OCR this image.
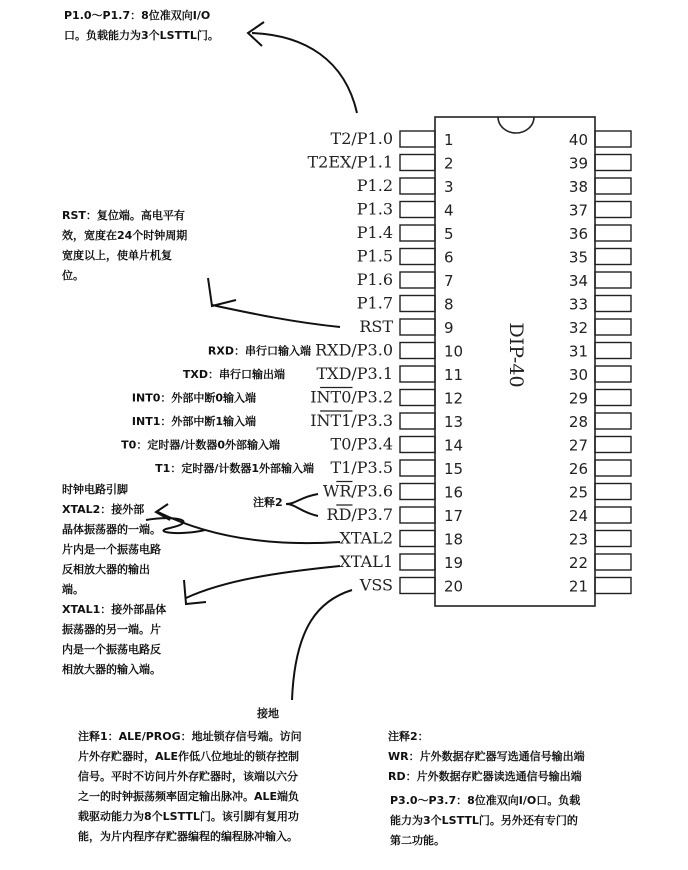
P1.0～P1.7：8位准双向I/O
口。负载能力为3个LSTTL门。
RST：复位端。高电平有
效，宽度在24个时钟周期
宽度以上，使单片机复
位。
时钟电路引脚
XTAL2：接外部
晶体振荡器的一端。
片内是一个振荡电路
反相放大器的输出
端。
XTAL1：接外部晶体
振荡器的另一端。片
内是一个振荡电路反
相放大器的输入端。
注释1：ALE/PROG：地址锁存信号端。访问
片外存贮器时，ALE作低八位地址的锁存控制
信号。平时不访问片外存贮器时，该端以六分
之一的时钟振荡频率固定输出脉冲。ALE端负
载驱动能力为8个LSTTL门。该引脚有复用功
能，为片内程序存贮器编程的编程脉冲输入。
注释2：
WR：片外数据存贮器写选通信号输出端
RD：片外数据存贮器读选通信号输出端
P3.0～P3.7：8位准双向I/O口。负载
能力为3个LSTTL门。另外还有专门的
第二功能。
DIP-40
T2/P1.0	1
T2EX/P1.1	2
P1.2	3
P1.3	4
P1.4	5
P1.5	6
P1.6	7
P1.7	8
RST	9
RXD/P3.0	10
TXD/P3.1	11
INT0/P3.2	12
INT1/P3.3	13
T0/P3.4	14
T1/P3.5	15
WR/P3.6	16
RD/P3.7	17
XTAL2	18
XTAL1	19
VSS	20
40
39
38
37
36
35
34
33
32
31
30
29
28
27
26
25
24
23
22
21
RXD：串行口输入端
TXD：串行口输出端
INT0：外部中断0输入端
INT1：外部中断1输入端
T0：定时器/计数器0外部输入端
T1：定时器/计数器1外部输入端
注释2
接地
